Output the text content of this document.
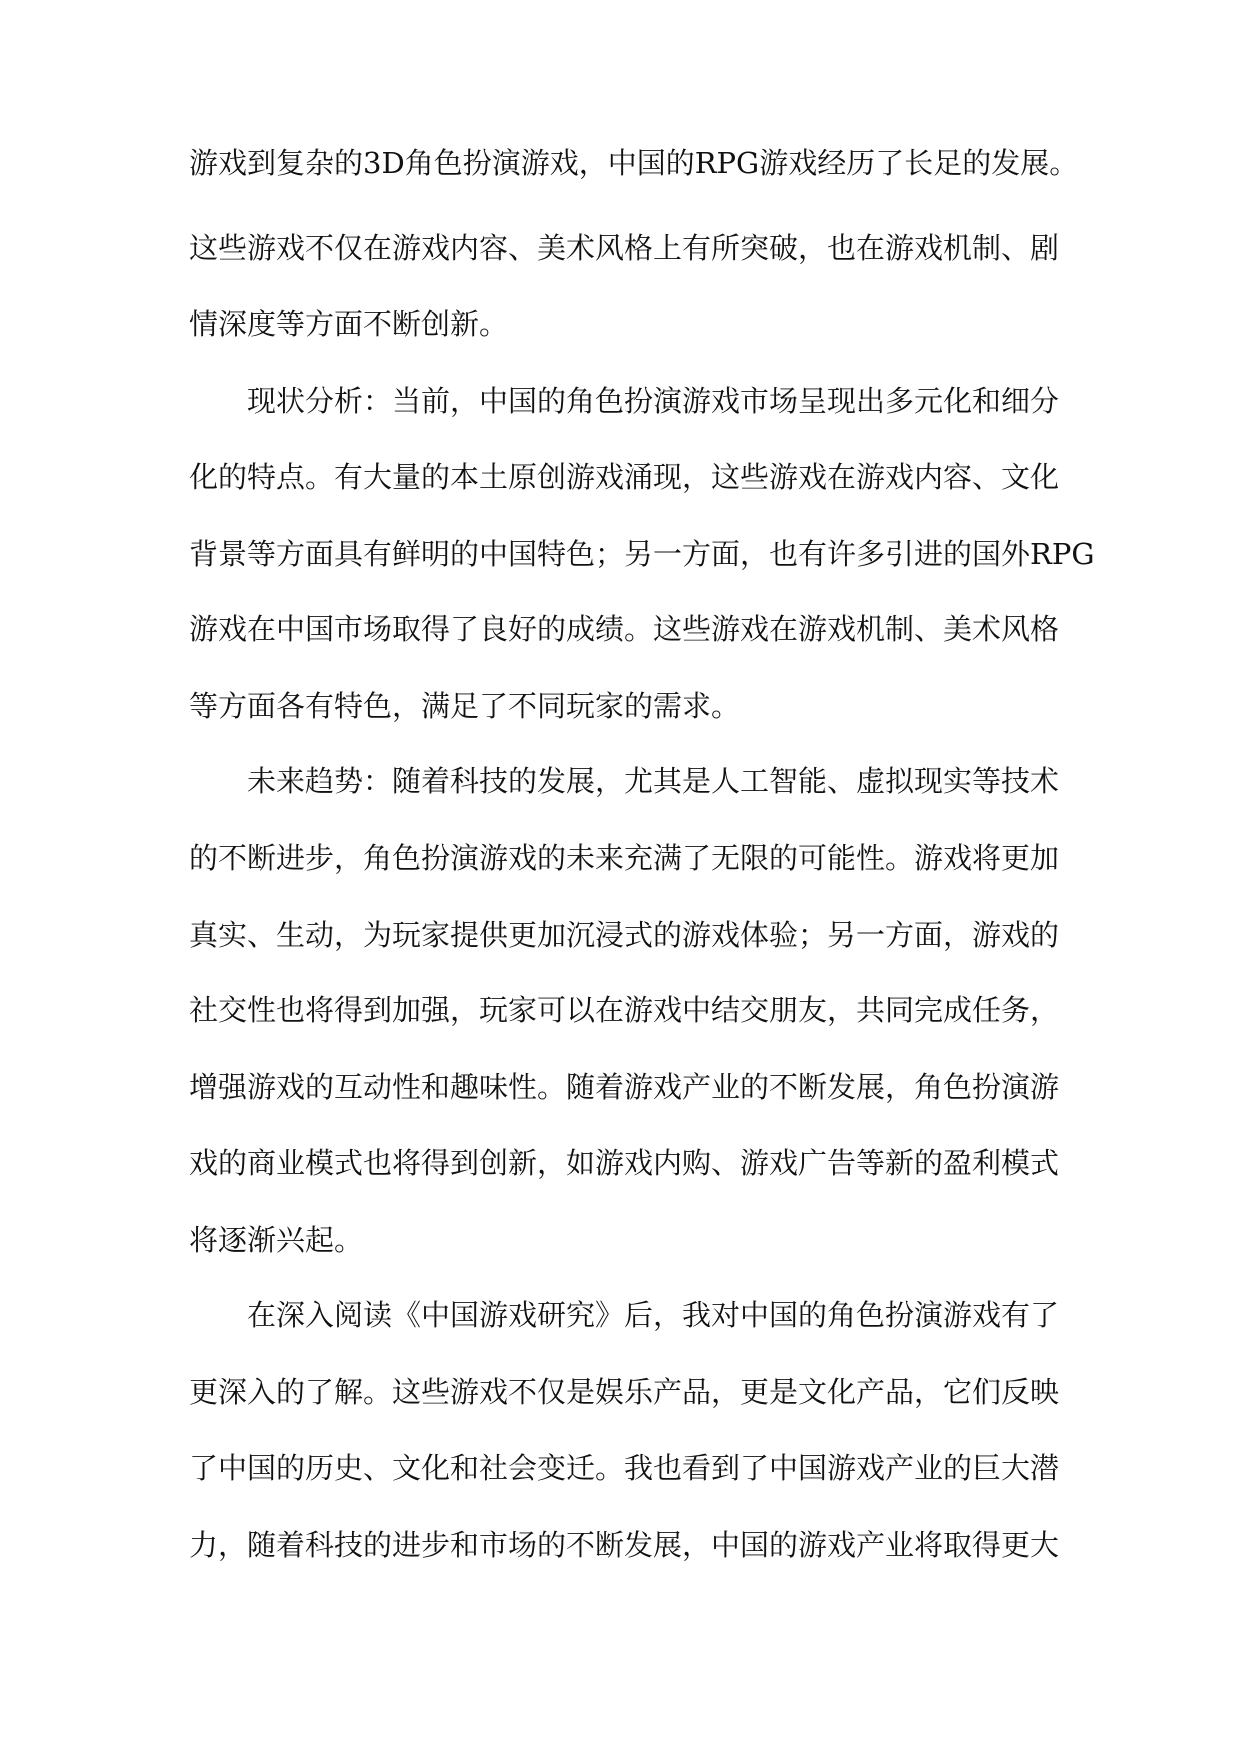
游戏到复杂的3D角色扮演游戏，中国的RPG游戏经历了长足的发展。
这些游戏不仅在游戏内容、美术风格上有所突破，也在游戏机制、剧
情深度等方面不断创新。
现状分析：当前，中国的角色扮演游戏市场呈现出多元化和细分
化的特点。有大量的本土原创游戏涌现，这些游戏在游戏内容、文化
背景等方面具有鲜明的中国特色；另一方面，也有许多引进的国外RPG
游戏在中国市场取得了良好的成绩。这些游戏在游戏机制、美术风格
等方面各有特色，满足了不同玩家的需求。
未来趋势：随着科技的发展，尤其是人工智能、虚拟现实等技术
的不断进步，角色扮演游戏的未来充满了无限的可能性。游戏将更加
真实、生动，为玩家提供更加沉浸式的游戏体验；另一方面，游戏的
社交性也将得到加强，玩家可以在游戏中结交朋友，共同完成任务，
增强游戏的互动性和趣味性。随着游戏产业的不断发展，角色扮演游
戏的商业模式也将得到创新，如游戏内购、游戏广告等新的盈利模式
将逐渐兴起。
在深入阅读《中国游戏研究》后，我对中国的角色扮演游戏有了
更深入的了解。这些游戏不仅是娱乐产品，更是文化产品，它们反映
了中国的历史、文化和社会变迁。我也看到了中国游戏产业的巨大潜
力，随着科技的进步和市场的不断发展，中国的游戏产业将取得更大
